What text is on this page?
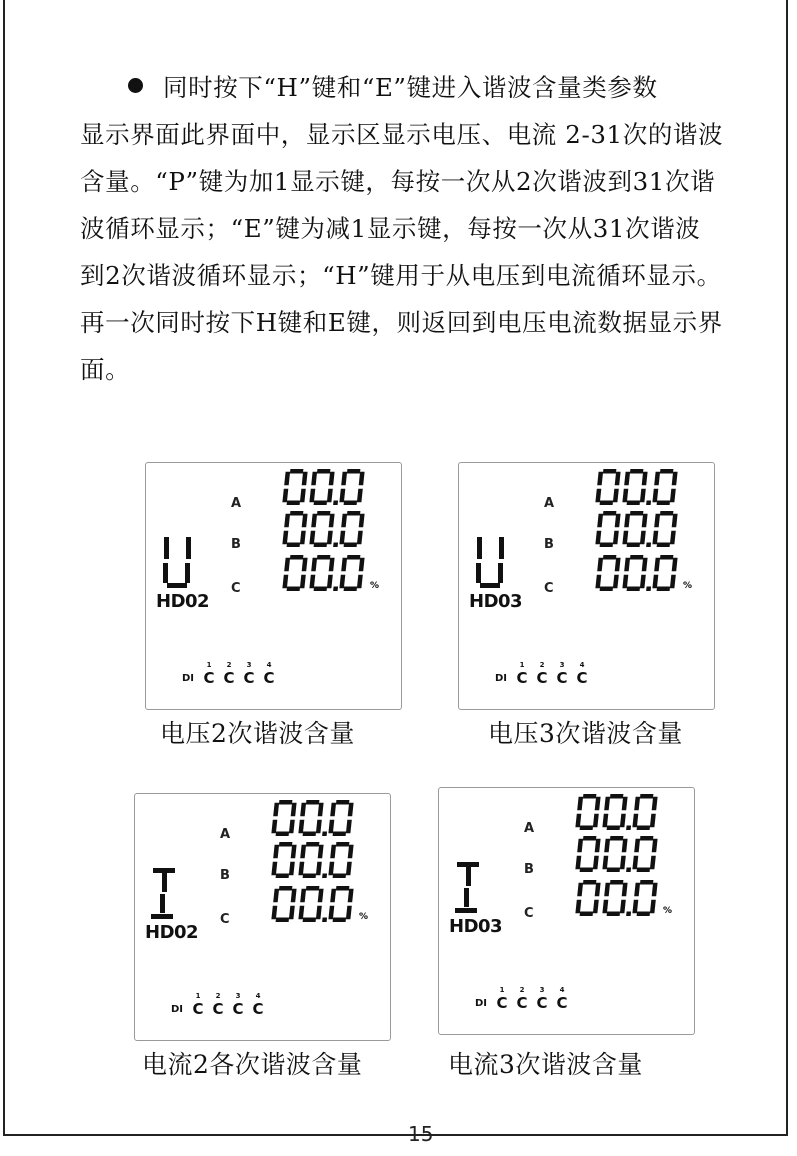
同时按下“H”键和“E”键进入谐波含量类参数
显示界面此界面中，显示区显示电压、电流 2-31次的谐波
含量。“P”键为加1显示键，每按一次从2次谐波到31次谐
波循环显示；“E”键为减1显示键，每按一次从31次谐波
到2次谐波循环显示；“H”键用于从电压到电流循环显示。
再一次同时按下H键和E键，则返回到电压电流数据显示界
面。
A
B
C
HD02
%
DI
1
C
2
C
3
C
4
C
A
B
C
HD03
%
DI
1
C
2
C
3
C
4
C
A
B
C
HD02
%
DI
1
C
2
C
3
C
4
C
A
B
C
HD03
%
DI
1
C
2
C
3
C
4
C
电压2次谐波含量	电压3次谐波含量
电流2各次谐波含量	电流3次谐波含量
15
